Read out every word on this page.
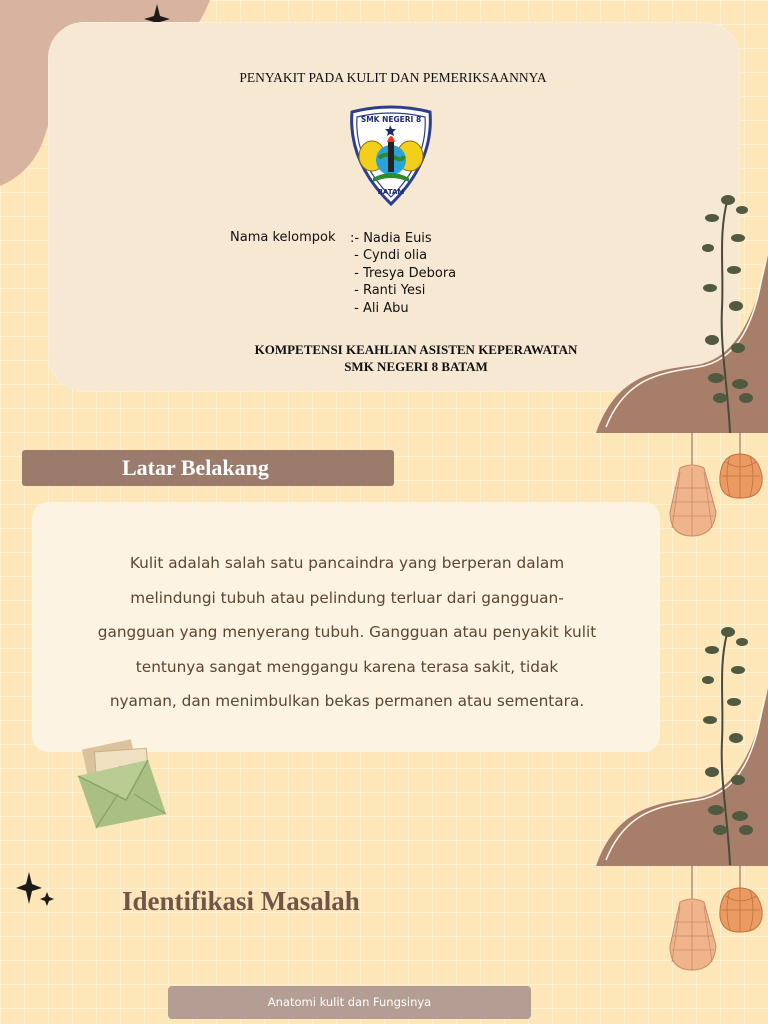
PENYAKIT PADA KULIT DAN PEMERIKSAANNYA
SMK NEGERI 8
BATAM
Nama kelompok :- Nadia Euis
- Cyndi olia
- Tresya Debora
- Ranti Yesi
- Ali Abu
KOMPETENSI KEAHLIAN ASISTEN KEPERAWATAN
SMK NEGERI 8 BATAM
Latar Belakang
Kulit adalah salah satu pancaindra yang berperan dalam
melindungi tubuh atau pelindung terluar dari gangguan-
gangguan yang menyerang tubuh. Gangguan atau penyakit kulit
tentunya sangat menggangu karena terasa sakit, tidak
nyaman, dan menimbulkan bekas permanen atau sementara.
Identifikasi Masalah
Anatomi kulit dan Fungsinya
